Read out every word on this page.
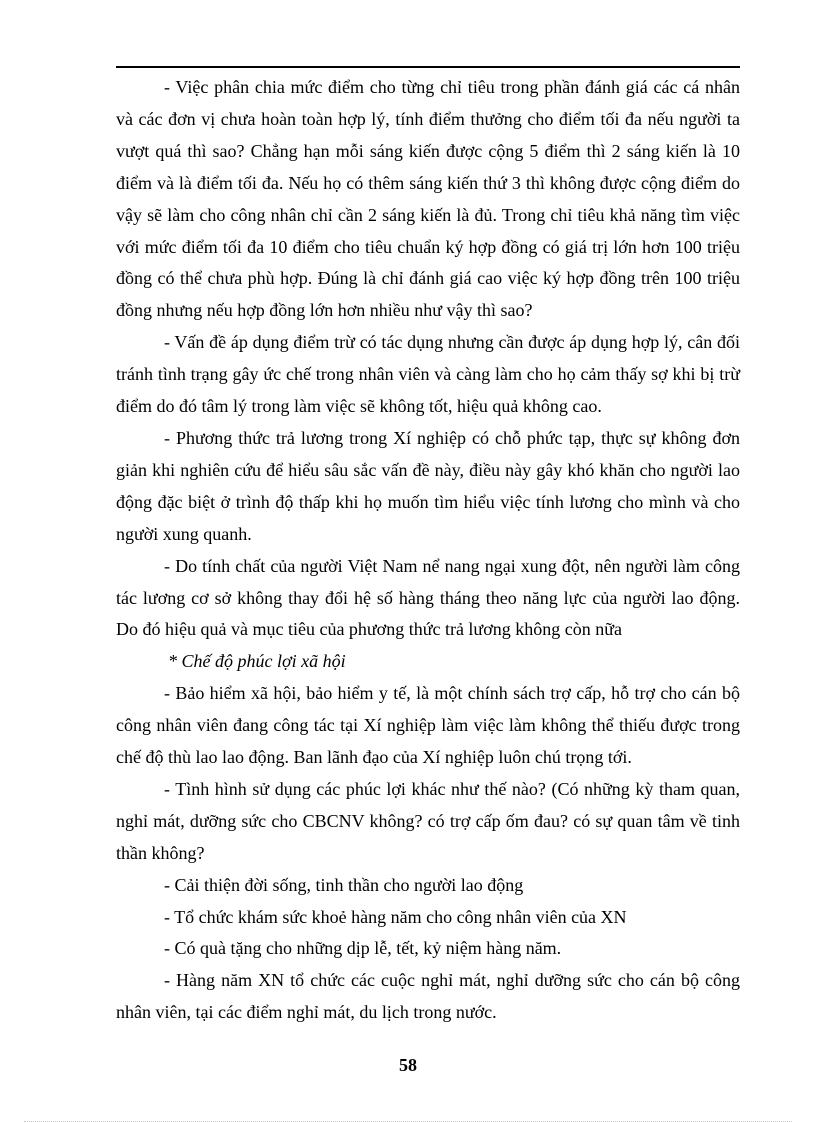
- Việc phân chia mức điểm cho từng chỉ tiêu trong phần đánh giá các cá nhân và các đơn vị chưa hoàn toàn hợp lý, tính điểm thưởng cho điểm tối đa nếu người ta vượt quá thì sao? Chẳng hạn mỗi sáng kiến được cộng 5 điểm thì 2 sáng kiến là 10 điểm và là điểm tối đa. Nếu họ có thêm sáng kiến thứ 3 thì không được cộng điểm do vậy sẽ làm cho công nhân chỉ cần 2 sáng kiến là đủ. Trong chỉ tiêu khả năng tìm việc với mức điểm tối đa 10 điểm cho tiêu chuẩn ký hợp đồng có giá trị lớn hơn 100 triệu đồng có thể chưa phù hợp. Đúng là chỉ đánh giá cao việc ký hợp đồng trên 100 triệu đồng nhưng nếu hợp đồng lớn hơn nhiều như vậy thì sao?

- Vấn đề áp dụng điểm trừ có tác dụng nhưng cần được áp dụng hợp lý, cân đối tránh tình trạng gây ức chế trong nhân viên và càng làm cho họ cảm thấy sợ khi bị trừ điểm do đó tâm lý trong làm việc sẽ không tốt, hiệu quả không cao.

- Phương thức trả lương trong Xí nghiệp có chỗ phức tạp, thực sự không đơn giản khi nghiên cứu để hiểu sâu sắc vấn đề này, điều này gây khó khăn cho người lao động đặc biệt ở trình độ thấp khi họ muốn tìm hiểu việc tính lương cho mình và cho người xung quanh.

- Do tính chất của người Việt Nam nể nang ngại xung đột, nên người làm công tác lương cơ sở không thay đổi hệ số hàng tháng theo năng lực của người lao động. Do đó hiệu quả và mục tiêu của phương thức trả lương không còn nữa

* Chế độ phúc lợi xã hội

- Bảo hiểm xã hội, bảo hiểm y tế, là một chính sách trợ cấp, hỗ trợ cho cán bộ công nhân viên đang công tác tại Xí nghiệp làm việc làm không thể thiếu được trong chế độ thù lao lao động. Ban lãnh đạo của Xí nghiệp luôn chú trọng tới.

- Tình hình sử dụng các phúc lợi khác như thế nào? (Có những kỳ tham quan, nghỉ mát, dưỡng sức cho CBCNV không? có trợ cấp ốm đau? có sự quan tâm về tinh thần không?

- Cải thiện đời sống, tinh thần cho người lao động

- Tổ chức khám sức khoẻ hàng năm cho công nhân viên của XN

- Có quà tặng cho những dịp lễ, tết, kỷ niệm hàng năm.

- Hàng năm XN tổ chức các cuộc nghỉ mát, nghỉ dưỡng sức cho cán bộ công nhân viên, tại các điểm nghỉ mát, du lịch trong nước.

58
